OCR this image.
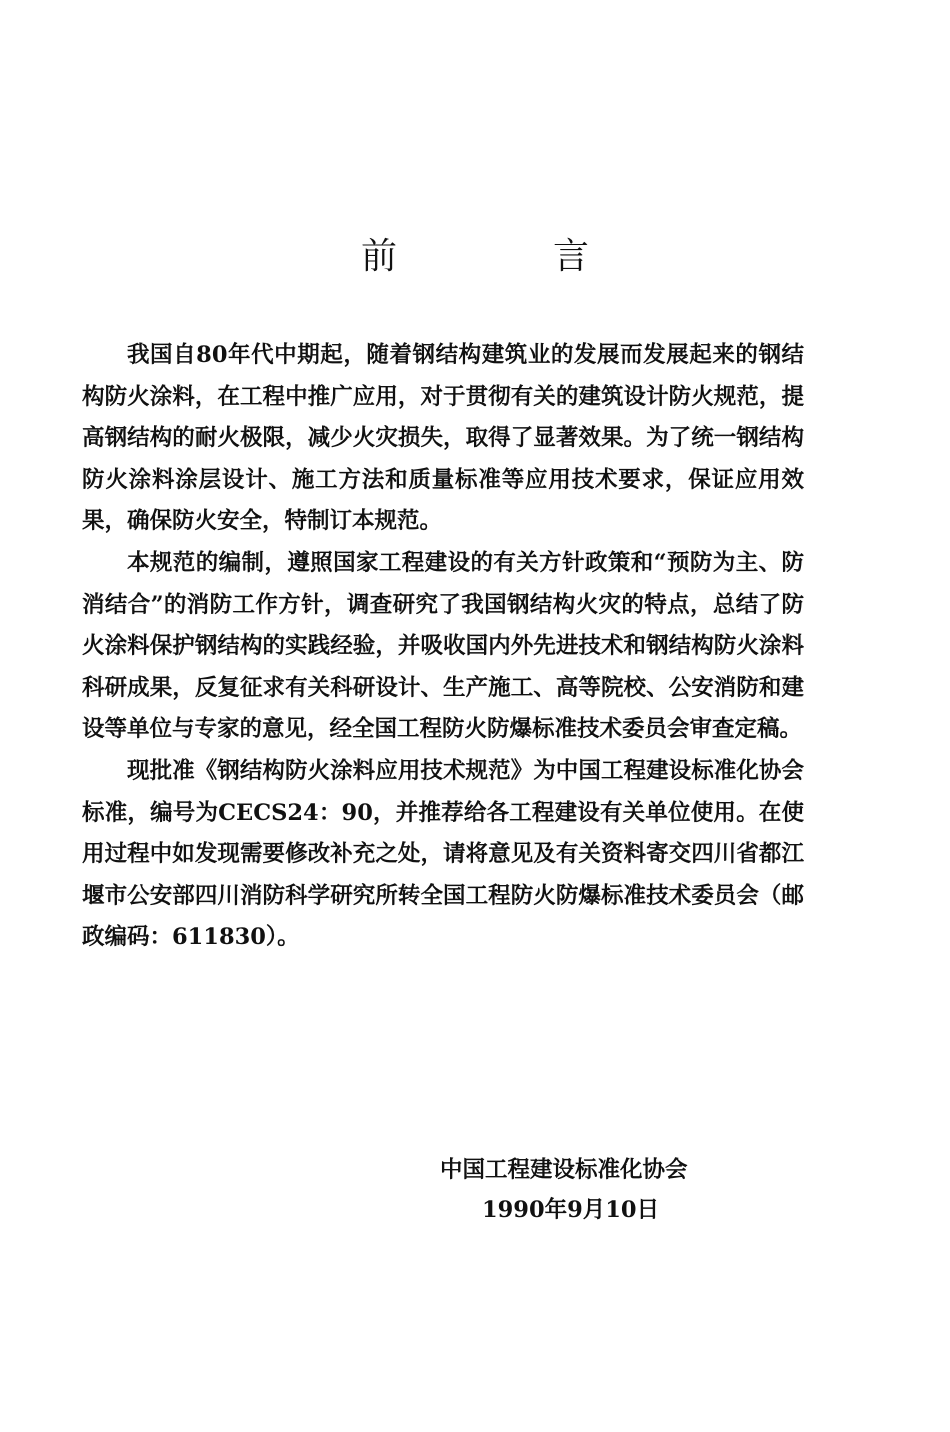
前　言

我国自80年代中期起，随着钢结构建筑业的发展而发展起来的钢结构防火涂料，在工程中推广应用，对于贯彻有关的建筑设计防火规范，提高钢结构的耐火极限，减少火灾损失，取得了显著效果。为了统一钢结构防火涂料涂层设计、施工方法和质量标准等应用技术要求，保证应用效果，确保防火安全，特制订本规范。

本规范的编制，遵照国家工程建设的有关方针政策和“预防为主、防消结合”的消防工作方针，调查研究了我国钢结构火灾的特点，总结了防火涂料保护钢结构的实践经验，并吸收国内外先进技术和钢结构防火涂料科研成果，反复征求有关科研设计、生产施工、高等院校、公安消防和建设等单位与专家的意见，经全国工程防火防爆标准技术委员会审查定稿。

现批准《钢结构防火涂料应用技术规范》为中国工程建设标准化协会标准，编号为CECS24：90，并推荐给各工程建设有关单位使用。在使用过程中如发现需要修改补充之处，请将意见及有关资料寄交四川省都江堰市公安部四川消防科学研究所转全国工程防火防爆标准技术委员会（邮政编码：611830）。

中国工程建设标准化协会
1990年9月10日
